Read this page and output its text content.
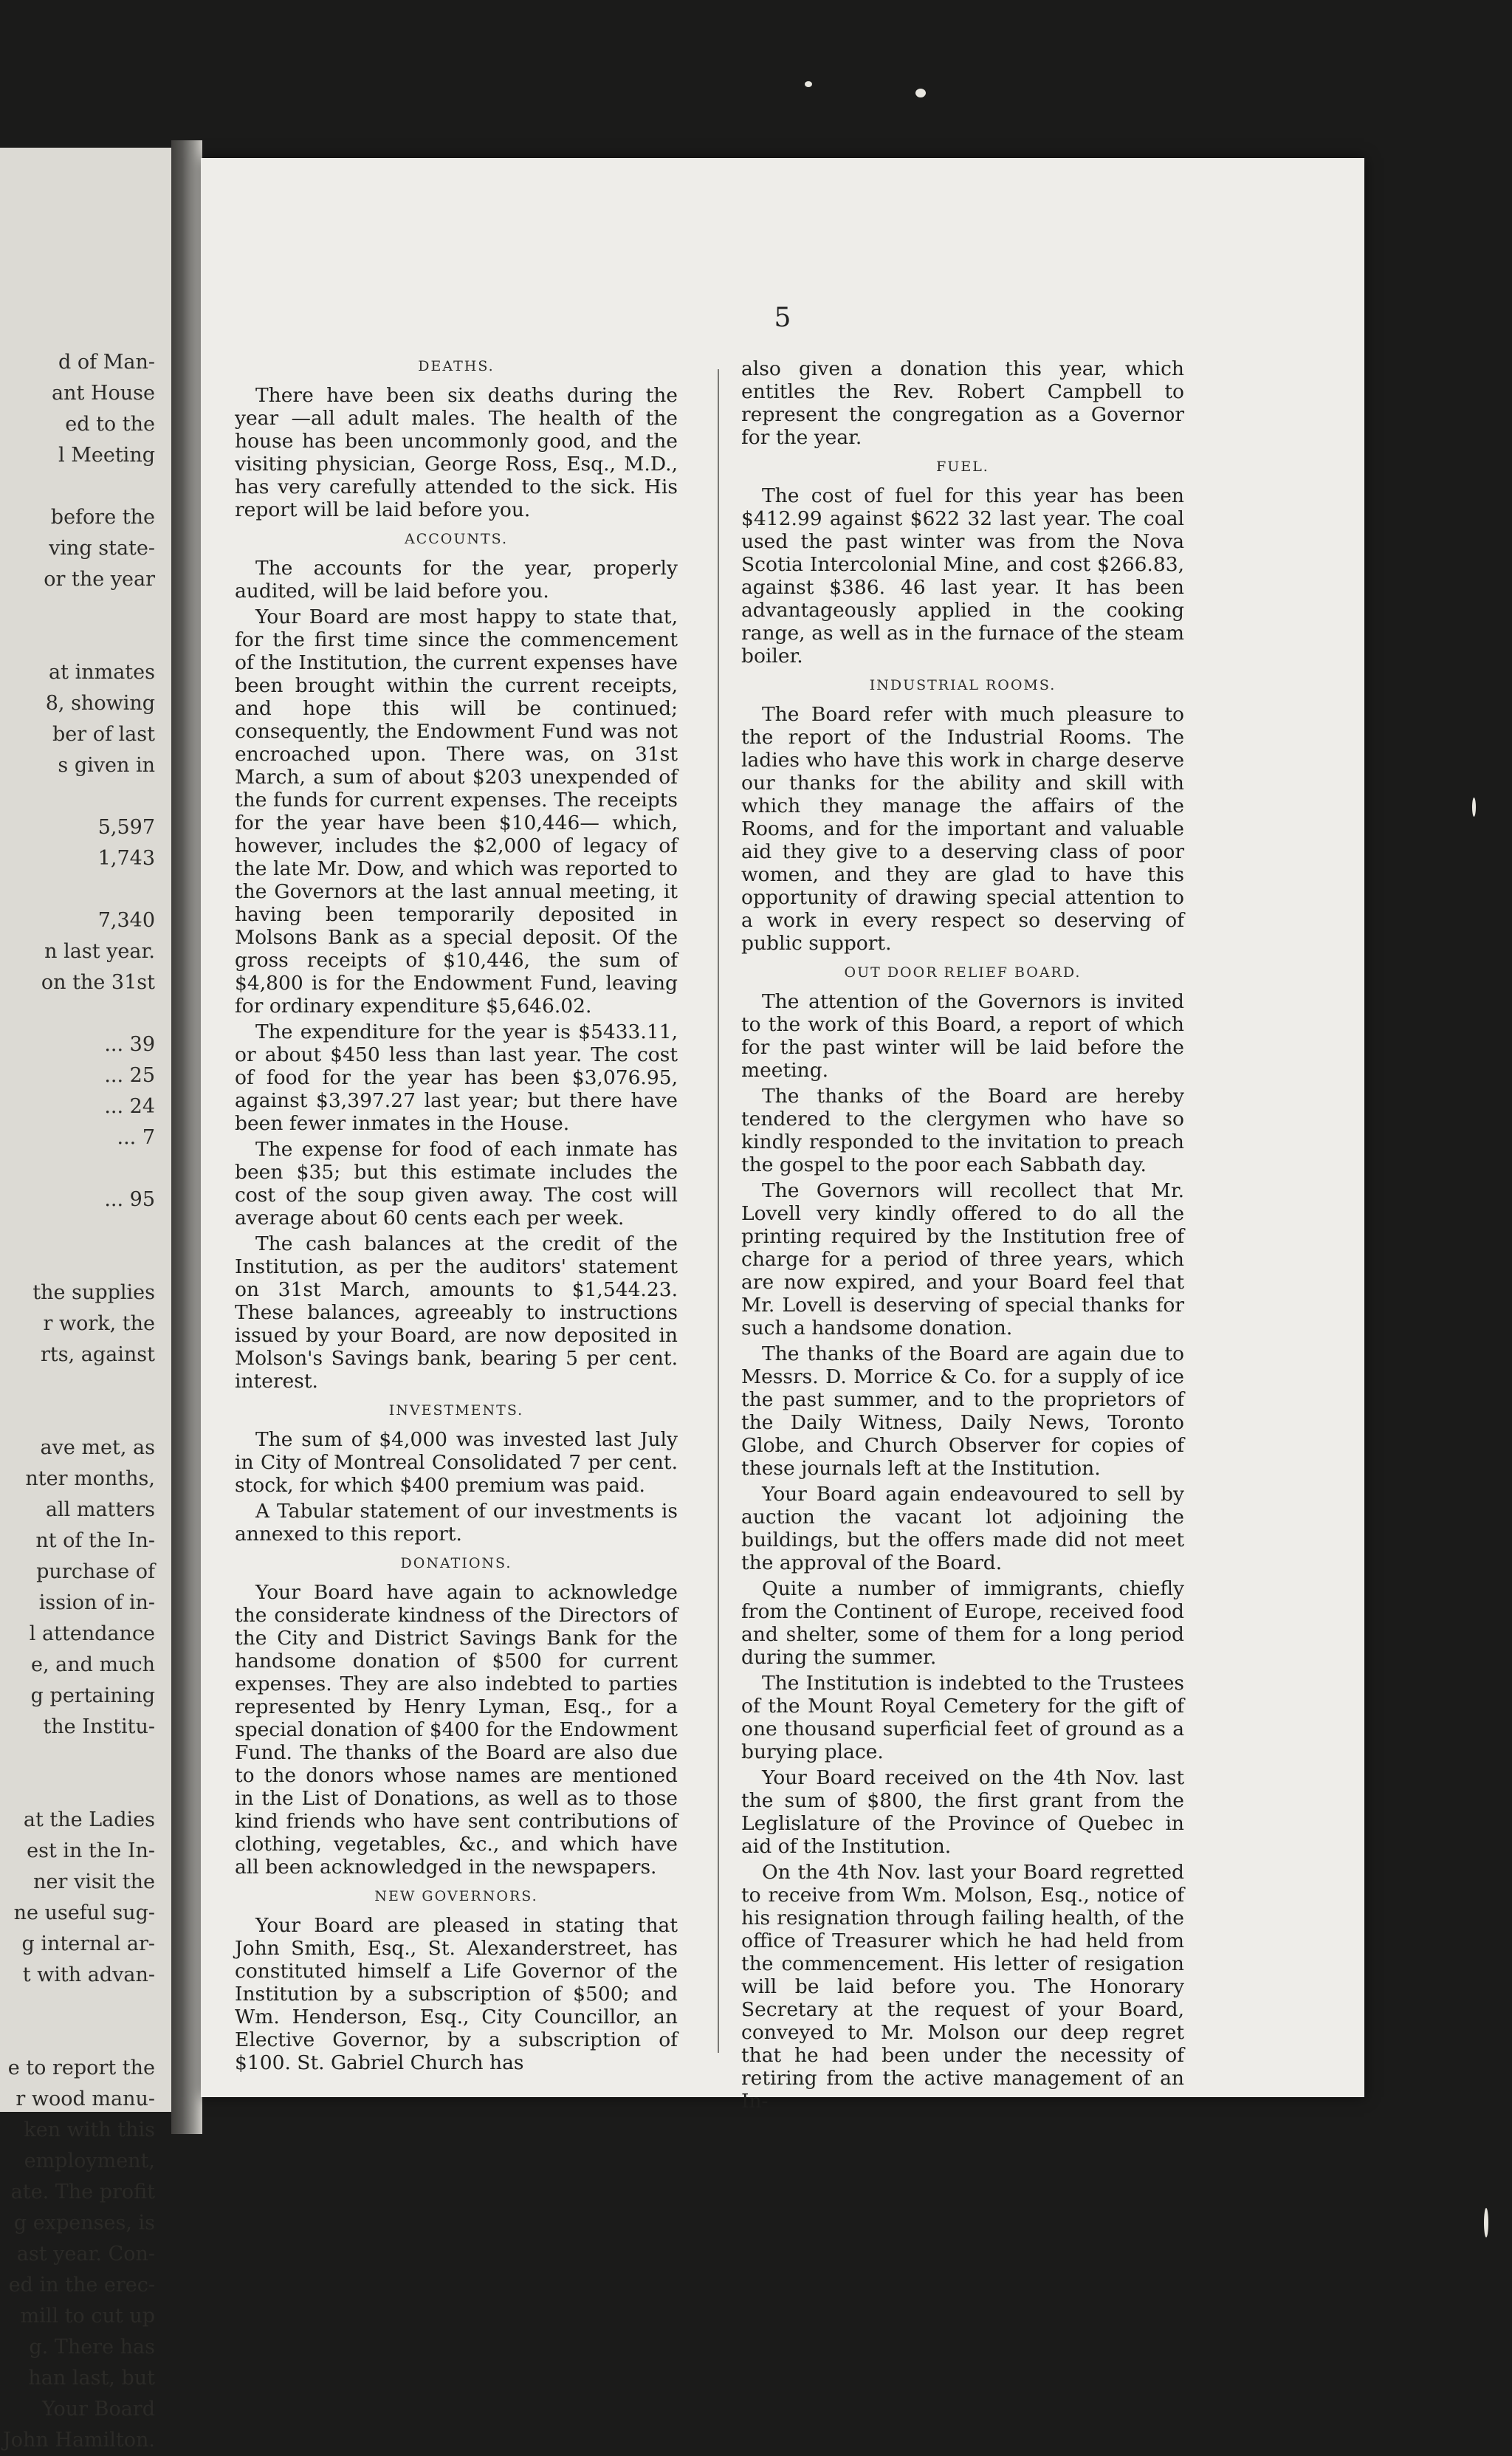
d of Man-
ant House
ed to the
l Meeting
before the
ving state-
or the year
at inmates
8, showing
ber of last
s given in
5,597
1,743
7,340
n last year.
on the 31st
... 39
... 25
... 24
... 7
... 95
the supplies
r work, the
rts, against
ave met, as
nter months,
all matters
nt of the In-
purchase of
ission of in-
l attendance
e, and much
g pertaining
the Institu-
at the Ladies
est in the In-
ner visit the
ne useful sug-
g internal ar-
t with advan-
e to report the
r wood manu-
ken with this
employment,
ate. The profit
g expenses, is
ast year. Con-
ed in the erec-
mill to cut up
g. There has
han last, but
Your Board
John Hamilton.
5
DEATHS.

There have been six deaths during the year —all adult males. The health of the house has been uncommonly good, and the visiting physician, George Ross, Esq., M.D., has very carefully attended to the sick. His report will be laid before you.

ACCOUNTS.

The accounts for the year, properly audited, will be laid before you.

Your Board are most happy to state that, for the first time since the commencement of the Institution, the current expenses have been brought within the current receipts, and hope this will be continued; consequently, the Endowment Fund was not encroached upon. There was, on 31st March, a sum of about $203 unexpended of the funds for current expenses. The receipts for the year have been $10,446— which, however, includes the $2,000 of legacy of the late Mr. Dow, and which was reported to the Governors at the last annual meeting, it having been temporarily deposited in Molsons Bank as a special deposit. Of the gross receipts of $10,446, the sum of $4,800 is for the Endowment Fund, leaving for ordinary expenditure $5,646.02.

The expenditure for the year is $5433.11, or about $450 less than last year. The cost of food for the year has been $3,076.95, against $3,397.27 last year; but there have been fewer inmates in the House.

The expense for food of each inmate has been $35; but this estimate includes the cost of the soup given away. The cost will average about 60 cents each per week.

The cash balances at the credit of the Institution, as per the auditors' statement on 31st March, amounts to $1,544.23. These balances, agreeably to instructions issued by your Board, are now deposited in Molson's Savings bank, bearing 5 per cent. interest.

INVESTMENTS.

The sum of $4,000 was invested last July in City of Montreal Consolidated 7 per cent. stock, for which $400 premium was paid.

A Tabular statement of our investments is annexed to this report.

DONATIONS.

Your Board have again to acknowledge the considerate kindness of the Directors of the City and District Savings Bank for the handsome donation of $500 for current expenses. They are also indebted to parties represented by Henry Lyman, Esq., for a special donation of $400 for the Endowment Fund. The thanks of the Board are also due to the donors whose names are mentioned in the List of Donations, as well as to those kind friends who have sent contributions of clothing, vegetables, &c., and which have all been acknowledged in the newspapers.

NEW GOVERNORS.

Your Board are pleased in stating that John Smith, Esq., St. Alexanderstreet, has constituted himself a Life Governor of the Institution by a subscription of $500; and Wm. Henderson, Esq., City Councillor, an Elective Governor, by a subscription of $100. St. Gabriel Church has

also given a donation this year, which entitles the Rev. Robert Campbell to represent the congregation as a Governor for the year.

FUEL.

The cost of fuel for this year has been $412.99 against $622 32 last year. The coal used the past winter was from the Nova Scotia Intercolonial Mine, and cost $266.83, against $386. 46 last year. It has been advantageously applied in the cooking range, as well as in the furnace of the steam boiler.

INDUSTRIAL ROOMS.

The Board refer with much pleasure to the report of the Industrial Rooms. The ladies who have this work in charge deserve our thanks for the ability and skill with which they manage the affairs of the Rooms, and for the important and valuable aid they give to a deserving class of poor women, and they are glad to have this opportunity of drawing special attention to a work in every respect so deserving of public support.

OUT DOOR RELIEF BOARD.

The attention of the Governors is invited to the work of this Board, a report of which for the past winter will be laid before the meeting.

The thanks of the Board are hereby tendered to the clergymen who have so kindly responded to the invitation to preach the gospel to the poor each Sabbath day.

The Governors will recollect that Mr. Lovell very kindly offered to do all the printing required by the Institution free of charge for a period of three years, which are now expired, and your Board feel that Mr. Lovell is deserving of special thanks for such a handsome donation.

The thanks of the Board are again due to Messrs. D. Morrice & Co. for a supply of ice the past summer, and to the proprietors of the Daily Witness, Daily News, Toronto Globe, and Church Observer for copies of these journals left at the Institution.

Your Board again endeavoured to sell by auction the vacant lot adjoining the buildings, but the offers made did not meet the approval of the Board.

Quite a number of immigrants, chiefly from the Continent of Europe, received food and shelter, some of them for a long period during the summer.

The Institution is indebted to the Trustees of the Mount Royal Cemetery for the gift of one thousand superficial feet of ground as a burying place.

Your Board received on the 4th Nov. last the sum of $800, the first grant from the Leglislature of the Province of Quebec in aid of the Institution.

On the 4th Nov. last your Board regretted to receive from Wm. Molson, Esq., notice of his resignation through failing health, of the office of Treasurer which he had held from the commencement. His letter of resigation will be laid before you. The Honorary Secretary at the request of your Board, conveyed to Mr. Molson our deep regret that he had been under the necessity of retiring from the active management of an In-
